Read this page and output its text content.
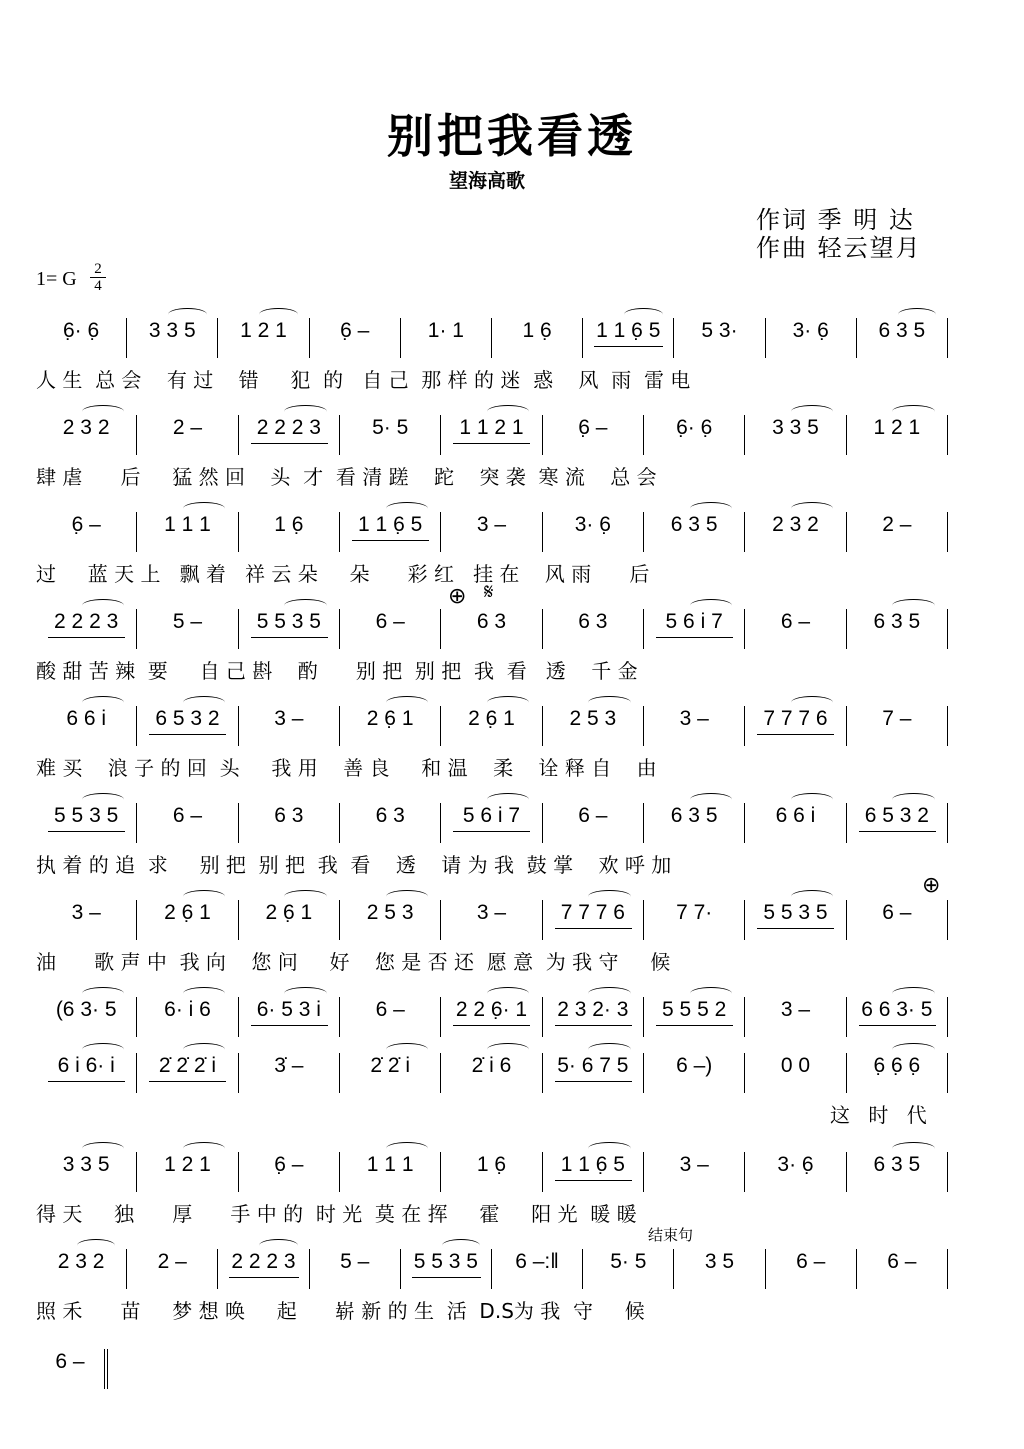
别把我看透
望海高歌
作词 季 明 达
作曲 轻云望月
1= G 2
4
6̣· 6̣	3 3 5	1 2 1	6̣ –	1· 1	1 6̣	1 1 6̣ 5	5 3·	3· 6̣	6 3 5
人 生  总 会    有 过    错     犯  的   自 己  那 样 的 迷  惑    风  雨  雷 电
2 3 2	2 –	2 2 2 3	5· 5	1 1 2 1	6̣ –	6̣· 6̣	3 3 5	1 2 1
肆 虐      后     猛 然 回    头  才  看 清 蹉    跎    突 袭  寒 流    总 会
6̣ –	1 1 1	1 6̣	1 1 6̣ 5	3 –	3· 6̣	6 3 5	2 3 2	2 –
过     蓝 天 上   飘 着   祥 云 朵     朵      彩 红   挂 在    风 雨      后
2 2 2 3	5 –	5 5 3 5	6 –	6 3	6 3	5 6 i 7	6 –	6 3 5
酸 甜 苦 辣  要     自 己 斟    酌      别 把  别 把  我  看   透    千 金
6 6 i	6 5 3 2	3 –	2 6̣ 1	2 6̣ 1	2 5 3	3 –	7 7 7 6	7 –
难 买    浪 子 的 回  头     我 用    善 良     和 温    柔    诠 释 自    由
5 5 3 5	6 –	6 3	6 3	5 6 i 7	6 –	6 3 5	6 6 i	6 5 3 2
执 着 的 追  求     别 把  别 把  我  看    透    请 为 我  鼓 掌    欢 呼 加
3 –	2 6̣ 1	2 6̣ 1	2 5 3	3 –	7 7 7 6	7 7·	5 5 3 5	6 –
油      歌 声 中  我 向    您 问     好    您 是 否 还  愿 意  为 我 守     候
(6 3· 5	6· i 6	6· 5 3 i	6 –	2 2 6̣· 1	2 3 2· 3	5 5 5 2	3 –	6 6 3· 5
6 i 6· i	2̇ 2̇ 2̇ i	3̇ –	2̇ 2̇ i	2̇ i 6	5· 6 7 5	6 –)	0 0	6̣ 6̣ 6̣
这 时 代
3 3 5	1 2 1	6̣ –	1 1 1	1 6̣	1 1 6̣ 5	3 –	3· 6̣	6 3 5
得 天     独      厚      手 中 的  时 光  莫 在 挥     霍     阳 光  暖 暖
2 3 2	2 –	2 2 2 3	5 –	5 5 3 5	6 –:‖	5· 5	3 5	6 –	6 –
照 禾      苗     梦 想 唤     起      崭 新 的 生  活  D.S为 我  守     候
6 –
⊕ 𝄋
⊕
结束句
